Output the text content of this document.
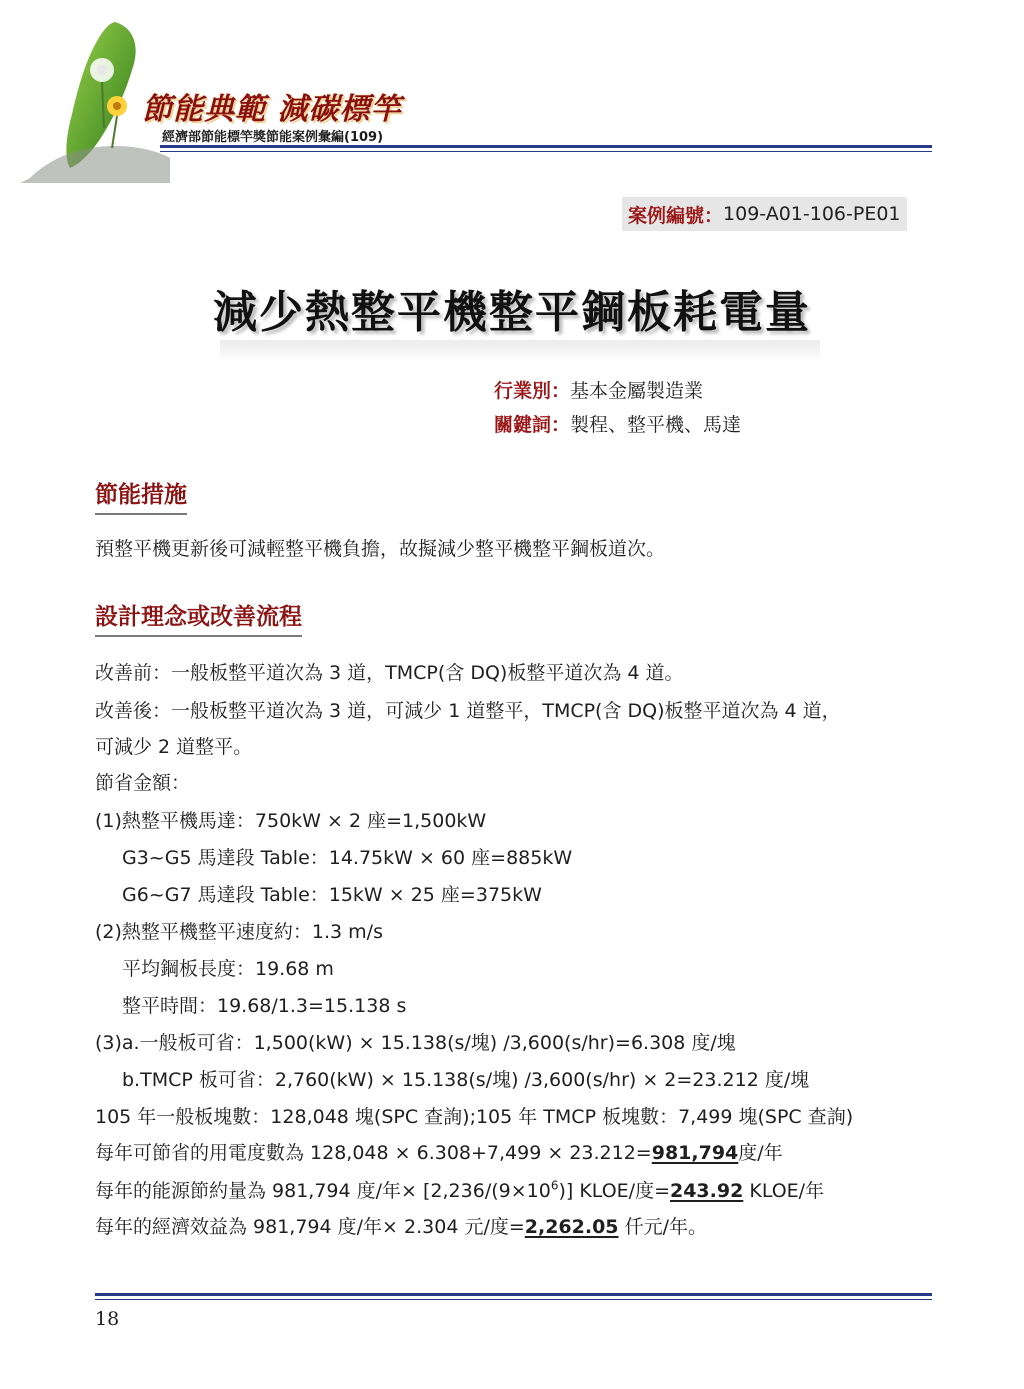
節能典範 減碳標竿
經濟部節能標竿獎節能案例彙編(109)
案例編號： 109-A01-106-PE01
減少熱整平機整平鋼板耗電量
行業別：基本金屬製造業
關鍵詞：製程、整平機、馬達
節能措施
預整平機更新後可減輕整平機負擔，故擬減少整平機整平鋼板道次。
設計理念或改善流程
改善前：一般板整平道次為 3 道，TMCP(含 DQ)板整平道次為 4 道。
改善後：一般板整平道次為 3 道，可減少 1 道整平，TMCP(含 DQ)板整平道次為 4 道，
可減少 2 道整平。
節省金額：
(1)熱整平機馬達：750kW × 2 座=1,500kW
G3~G5 馬達段 Table：14.75kW × 60 座=885kW
G6~G7 馬達段 Table：15kW × 25 座=375kW
(2)熱整平機整平速度約：1.3 m/s
平均鋼板長度：19.68 m
整平時間：19.68/1.3=15.138 s
(3)a.一般板可省：1,500(kW) × 15.138(s/塊) /3,600(s/hr)=6.308 度/塊
b.TMCP 板可省：2,760(kW) × 15.138(s/塊) /3,600(s/hr) × 2=23.212 度/塊
105 年一般板塊數：128,048 塊(SPC 查詢);105 年 TMCP 板塊數：7,499 塊(SPC 查詢)
每年可節省的用電度數為 128,048 × 6.308+7,499 × 23.212=981,794度/年
每年的能源節約量為 981,794 度/年× $[2,236/(9\times 10^6)]$ KLOE/度=243.92 KLOE/年
每年的經濟效益為 981,794 度/年× 2.304 元/度=2,262.05 仟元/年。
18
